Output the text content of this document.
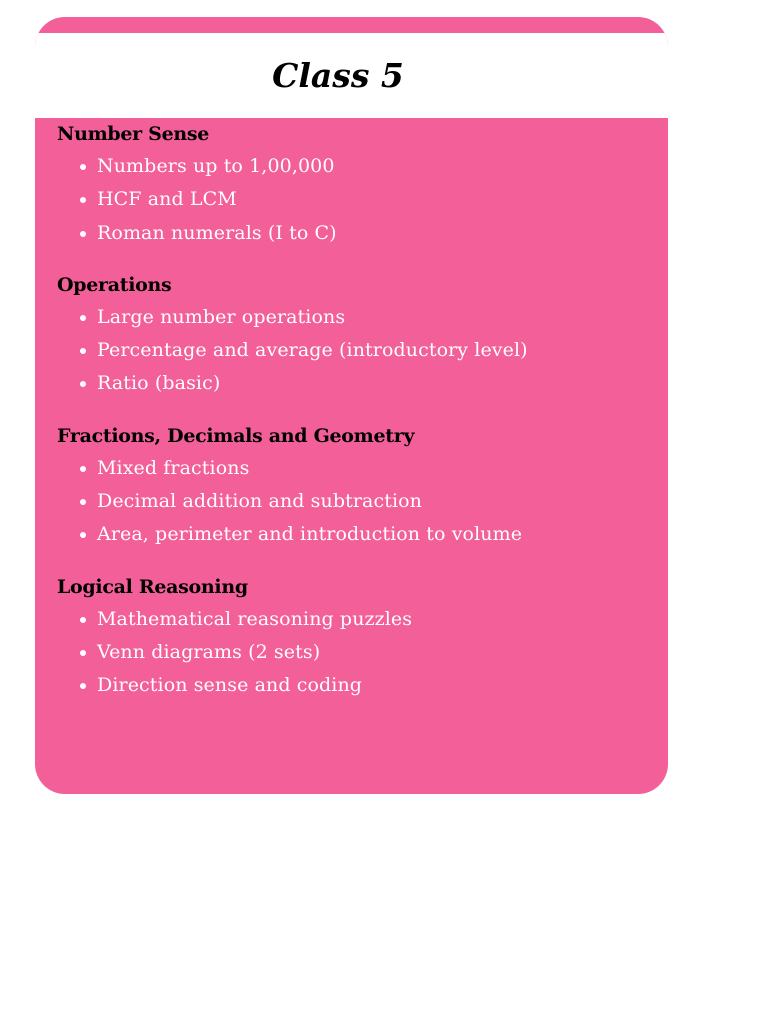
Class 5
Number Sense
Numbers up to 1,00,000
HCF and LCM
Roman numerals (I to C)
Operations
Large number operations
Percentage and average (introductory level)
Ratio (basic)
Fractions, Decimals and Geometry
Mixed fractions
Decimal addition and subtraction
Area, perimeter and introduction to volume
Logical Reasoning
Mathematical reasoning puzzles
Venn diagrams (2 sets)
Direction sense and coding
